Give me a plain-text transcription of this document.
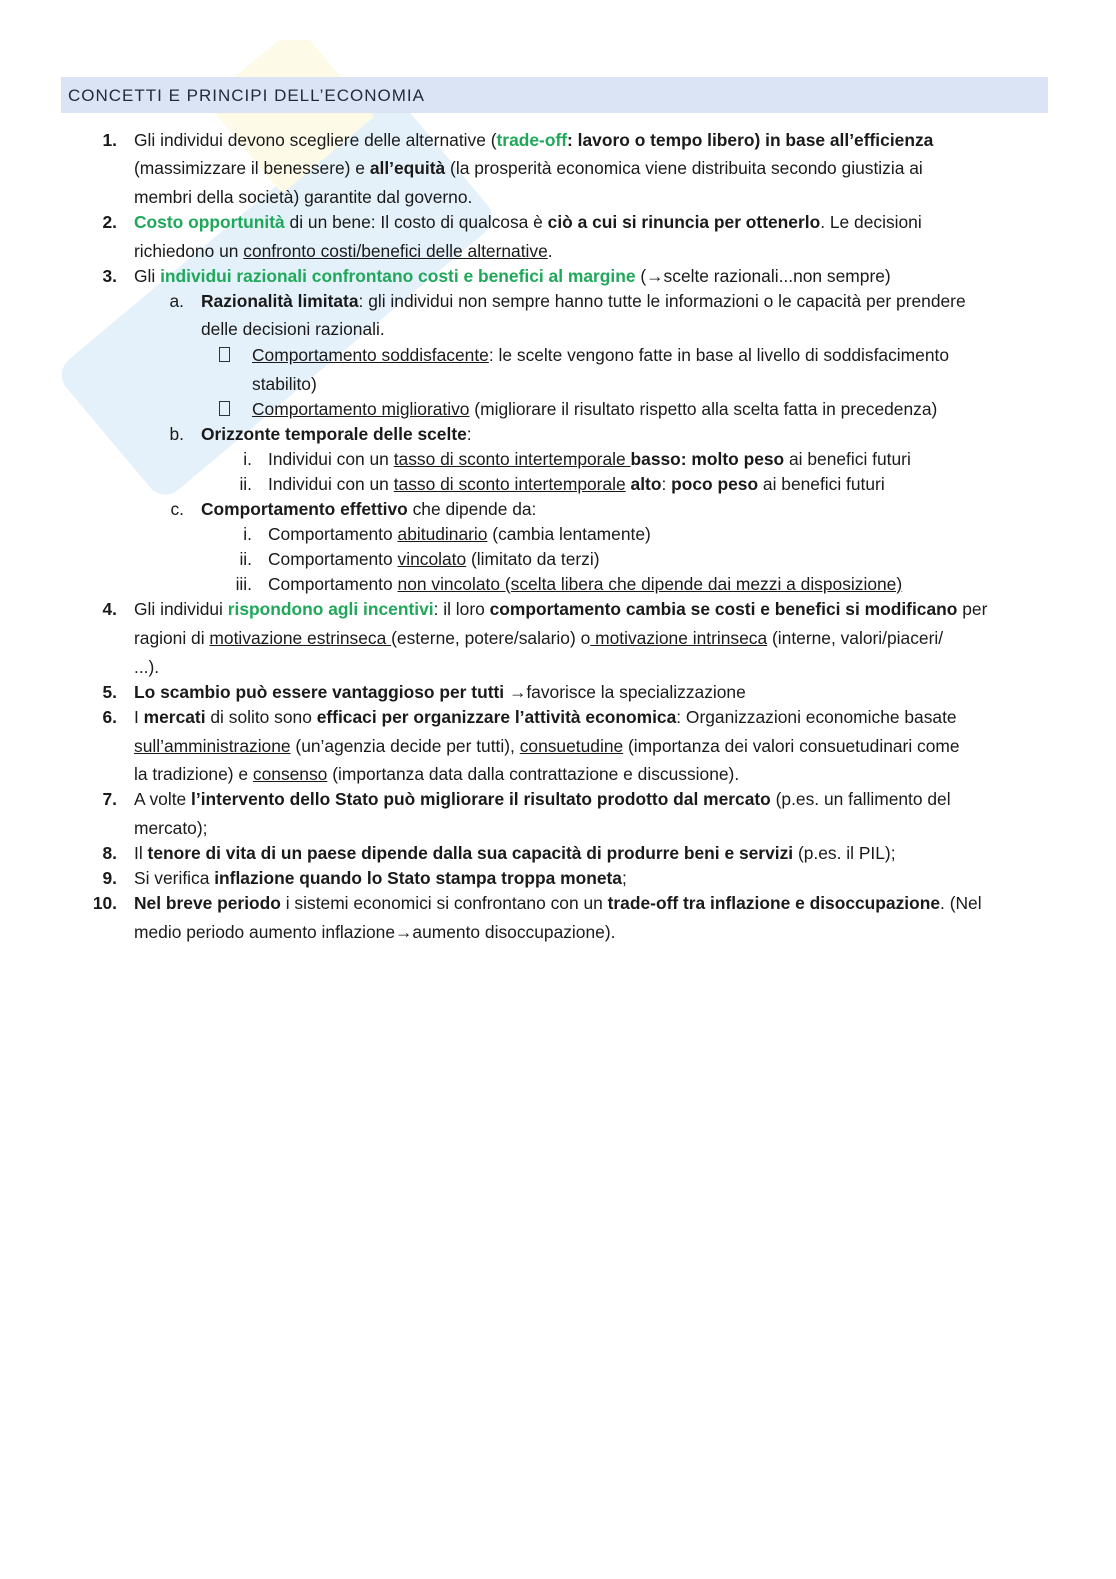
CONCETTI E PRINCIPI DELL’ECONOMIA
1. Gli individui devono scegliere delle alternative (trade-off: lavoro o tempo libero) in base all’efficienza
(massimizzare il benessere) e all’equità (la prosperità economica viene distribuita secondo giustizia ai
membri della società) garantite dal governo.
2. Costo opportunità di un bene: Il costo di qualcosa è ciò a cui si rinuncia per ottenerlo. Le decisioni
richiedono un confronto costi/benefici delle alternative.
3. Gli individui razionali confrontano costi e benefici al margine (→scelte razionali...non sempre)
a. Razionalità limitata: gli individui non sempre hanno tutte le informazioni o le capacità per prendere
delle decisioni razionali.
Comportamento soddisfacente: le scelte vengono fatte in base al livello di soddisfacimento
stabilito)
Comportamento migliorativo (migliorare il risultato rispetto alla scelta fatta in precedenza)
b. Orizzonte temporale delle scelte:
i. Individui con un tasso di sconto intertemporale basso: molto peso ai benefici futuri
ii. Individui con un tasso di sconto intertemporale alto: poco peso ai benefici futuri
c. Comportamento effettivo che dipende da:
i. Comportamento abitudinario (cambia lentamente)
ii. Comportamento vincolato (limitato da terzi)
iii. Comportamento non vincolato (scelta libera che dipende dai mezzi a disposizione)
4. Gli individui rispondono agli incentivi: il loro comportamento cambia se costi e benefici si modificano per
ragioni di motivazione estrinseca (esterne, potere/salario) o motivazione intrinseca (interne, valori/piaceri/
...).
5. Lo scambio può essere vantaggioso per tutti →favorisce la specializzazione
6. I mercati di solito sono efficaci per organizzare l’attività economica: Organizzazioni economiche basate
sull’amministrazione (un’agenzia decide per tutti), consuetudine (importanza dei valori consuetudinari come
la tradizione) e consenso (importanza data dalla contrattazione e discussione).
7. A volte l’intervento dello Stato può migliorare il risultato prodotto dal mercato (p.es. un fallimento del
mercato);
8. Il tenore di vita di un paese dipende dalla sua capacità di produrre beni e servizi (p.es. il PIL);
9. Si verifica inflazione quando lo Stato stampa troppa moneta;
10. Nel breve periodo i sistemi economici si confrontano con un trade-off tra inflazione e disoccupazione. (Nel
medio periodo aumento inflazione→aumento disoccupazione).
